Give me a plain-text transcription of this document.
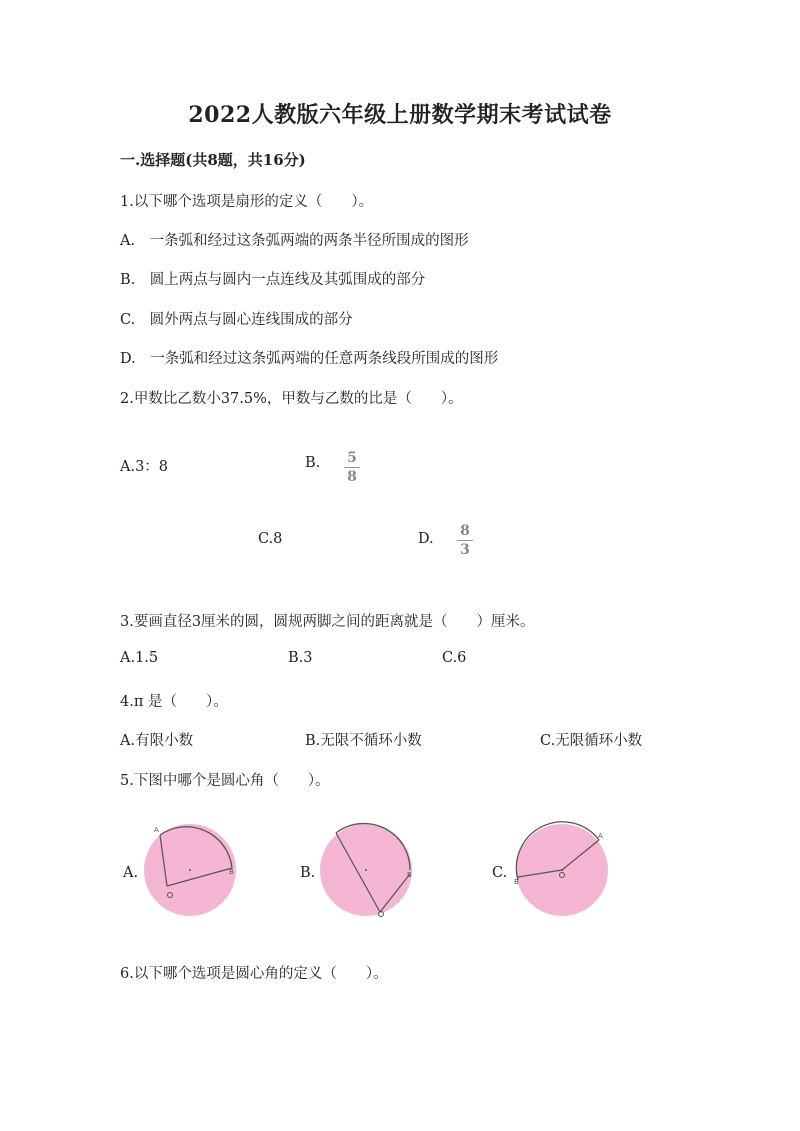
2022人教版六年级上册数学期末考试试卷
一.选择题(共8题，共16分)
1.以下哪个选项是扇形的定义（　　）。
A.　一条弧和经过这条弧两端的两条半径所围成的图形
B.　圆上两点与圆内一点连线及其弧围成的部分
C.　圆外两点与圆心连线围成的部分
D.　一条弧和经过这条弧两端的任意两条线段所围成的图形
2.甲数比乙数小37.5%，甲数与乙数的比是（　　）。
A.3：8	B. 5
8
C.8	D. 8
3
3.要画直径3厘米的圆，圆规两脚之间的距离就是（　　）厘米。
A.1.5	B.3	C.6
4.π 是（　　）。
A.有限小数	B.无限不循环小数	C.无限循环小数
5.下图中哪个是圆心角（　　）。
A.	B.	C.
A
B	B
A
B
6.以下哪个选项是圆心角的定义（　　）。
